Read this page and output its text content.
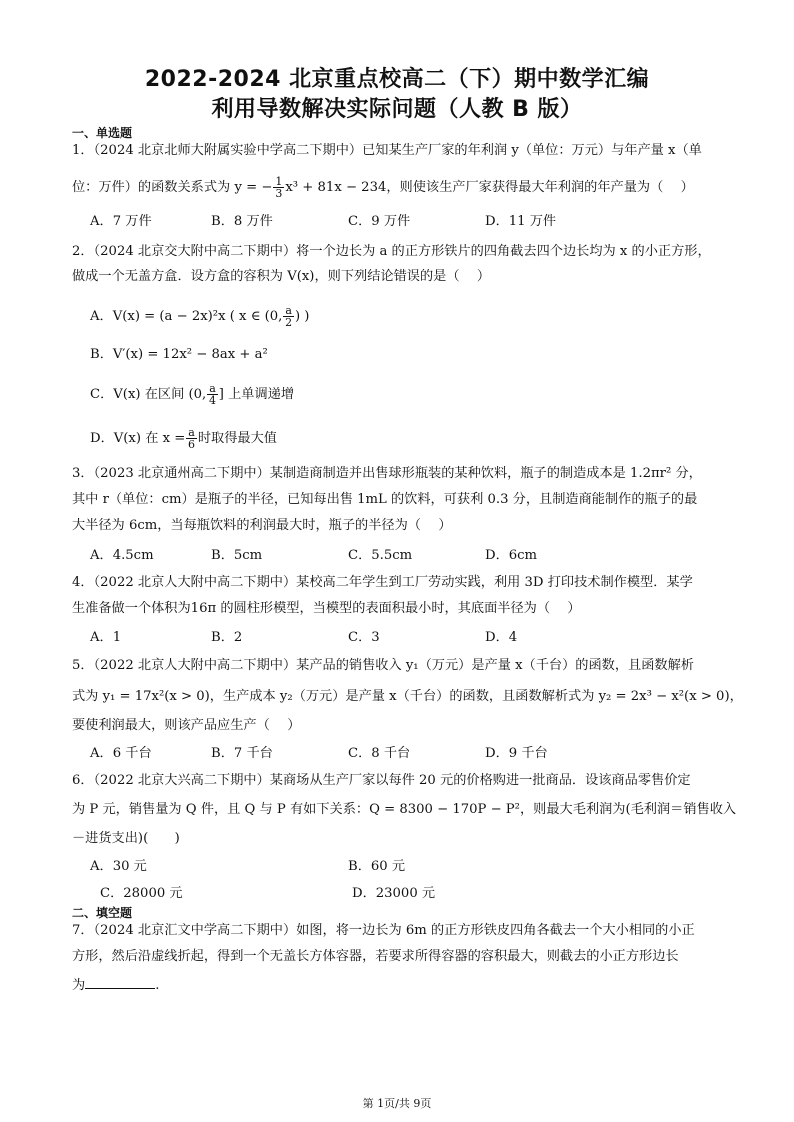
2022-2024 北京重点校高二（下）期中数学汇编
利用导数解决实际问题（人教 B 版）
一、单选题
1．（2024 北京北师大附属实验中学高二下期中）已知某生产厂家的年利润 y（单位：万元）与年产量 x（单
位：万件）的函数关系式为 y = − $\frac{1}{3} x^3 + 81x - 234$，则使该生产厂家获得最大年利润的年产量为（　 ）
A．7 万件	B．8 万件	C．9 万件	D．11 万件
2．（2024 北京交大附中高二下期中）将一个边长为 a 的正方形铁片的四角截去四个边长均为 x 的小正方形，
做成一个无盖方盒．设方盒的容积为 V(x)，则下列结论错误的是（　 ）
A．V(x) = (a − 2x)²x ( x ∈ (0, $\frac{a}{2}$ ) )
B．V′(x) = 12x² − 8ax + a²
C．V(x) 在区间 (0, $\frac{a}{4}$ ] 上单调递增
D．V(x) 在 $x = \frac{a}{6}$ 时取得最大值
3．（2023 北京通州高二下期中）某制造商制造并出售球形瓶装的某种饮料，瓶子的制造成本是 1.2πr² 分，
其中 r（单位：cm）是瓶子的半径，已知每出售 1mL 的饮料，可获利 0.3 分，且制造商能制作的瓶子的最
大半径为 6cm，当每瓶饮料的利润最大时，瓶子的半径为（　 ）
A．4.5cm	B．5cm	C．5.5cm	D．6cm
4．（2022 北京人大附中高二下期中）某校高二年学生到工厂劳动实践，利用 3D 打印技术制作模型．某学
生准备做一个体积为16π 的圆柱形模型，当模型的表面积最小时，其底面半径为（　 ）
A．1	B．2	C．3	D．4
5．（2022 北京人大附中高二下期中）某产品的销售收入 y₁（万元）是产量 x（千台）的函数，且函数解析
式为 y₁ = 17x²(x > 0)，生产成本 y₂（万元）是产量 x（千台）的函数，且函数解析式为 y₂ = 2x³ − x²(x > 0)，
要使利润最大，则该产品应生产（　 ）
A．6 千台	B．7 千台	C．8 千台	D．9 千台
6．（2022 北京大兴高二下期中）某商场从生产厂家以每件 20 元的价格购进一批商品．设该商品零售价定
为 P 元，销售量为 Q 件，且 Q 与 P 有如下关系：Q = 8300 − 170P − P²，则最大毛利润为(毛利润＝销售收入
－进货支出)(　　)
A．30 元	B．60 元
C．28000 元	D．23000 元
二、填空题
7．（2024 北京汇文中学高二下期中）如图，将一边长为 6m 的正方形铁皮四角各截去一个大小相同的小正
方形，然后沿虚线折起，得到一个无盖长方体容器，若要求所得容器的容积最大，则截去的小正方形边长
为	.
第 1页/共 9页
